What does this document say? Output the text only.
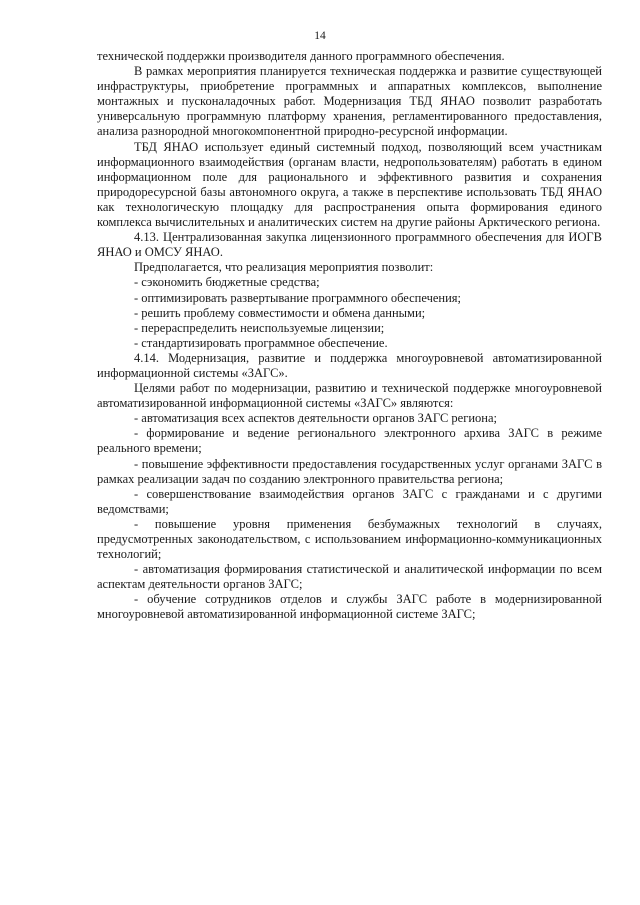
14

технической поддержки производителя данного программного обеспечения.

В рамках мероприятия планируется техническая поддержка и развитие существующей инфраструктуры, приобретение программных и аппаратных комплексов, выполнение монтажных и пусконаладочных работ. Модернизация ТБД ЯНАО позволит разработать универсальную программную платформу хранения, регламентированного предоставления, анализа разнородной многокомпонентной природно-ресурсной информации.

ТБД ЯНАО использует единый системный подход, позволяющий всем участникам информационного взаимодействия (органам власти, недропользователям) работать в едином информационном поле для рационального и эффективного развития и сохранения природоресурсной базы автономного округа, а также в перспективе использовать ТБД ЯНАО как технологическую площадку для распространения опыта формирования единого комплекса вычислительных и аналитических систем на другие районы Арктического региона.

4.13. Централизованная закупка лицензионного программного обеспечения для ИОГВ ЯНАО и ОМСУ ЯНАО.

Предполагается, что реализация мероприятия позволит:

- сэкономить бюджетные средства;

- оптимизировать развертывание программного обеспечения;

- решить проблему совместимости и обмена данными;

- перераспределить неиспользуемые лицензии;

- стандартизировать программное обеспечение.

4.14. Модернизация, развитие и поддержка многоуровневой автоматизированной информационной системы «ЗАГС».

Целями работ по модернизации, развитию и технической поддержке многоуровневой автоматизированной информационной системы «ЗАГС» являются:

- автоматизация всех аспектов деятельности органов ЗАГС региона;

- формирование и ведение регионального электронного архива ЗАГС в режиме реального времени;

- повышение эффективности предоставления государственных услуг органами ЗАГС в рамках реализации задач по созданию электронного правительства региона;

- совершенствование взаимодействия органов ЗАГС с гражданами и с другими ведомствами;

- повышение уровня применения безбумажных технологий в случаях, предусмотренных законодательством, с использованием информационно-коммуникационных технологий;

- автоматизация формирования статистической и аналитической информации по всем аспектам деятельности органов ЗАГС;

- обучение сотрудников отделов и службы ЗАГС работе в модернизированной многоуровневой автоматизированной информационной системе ЗАГС;
